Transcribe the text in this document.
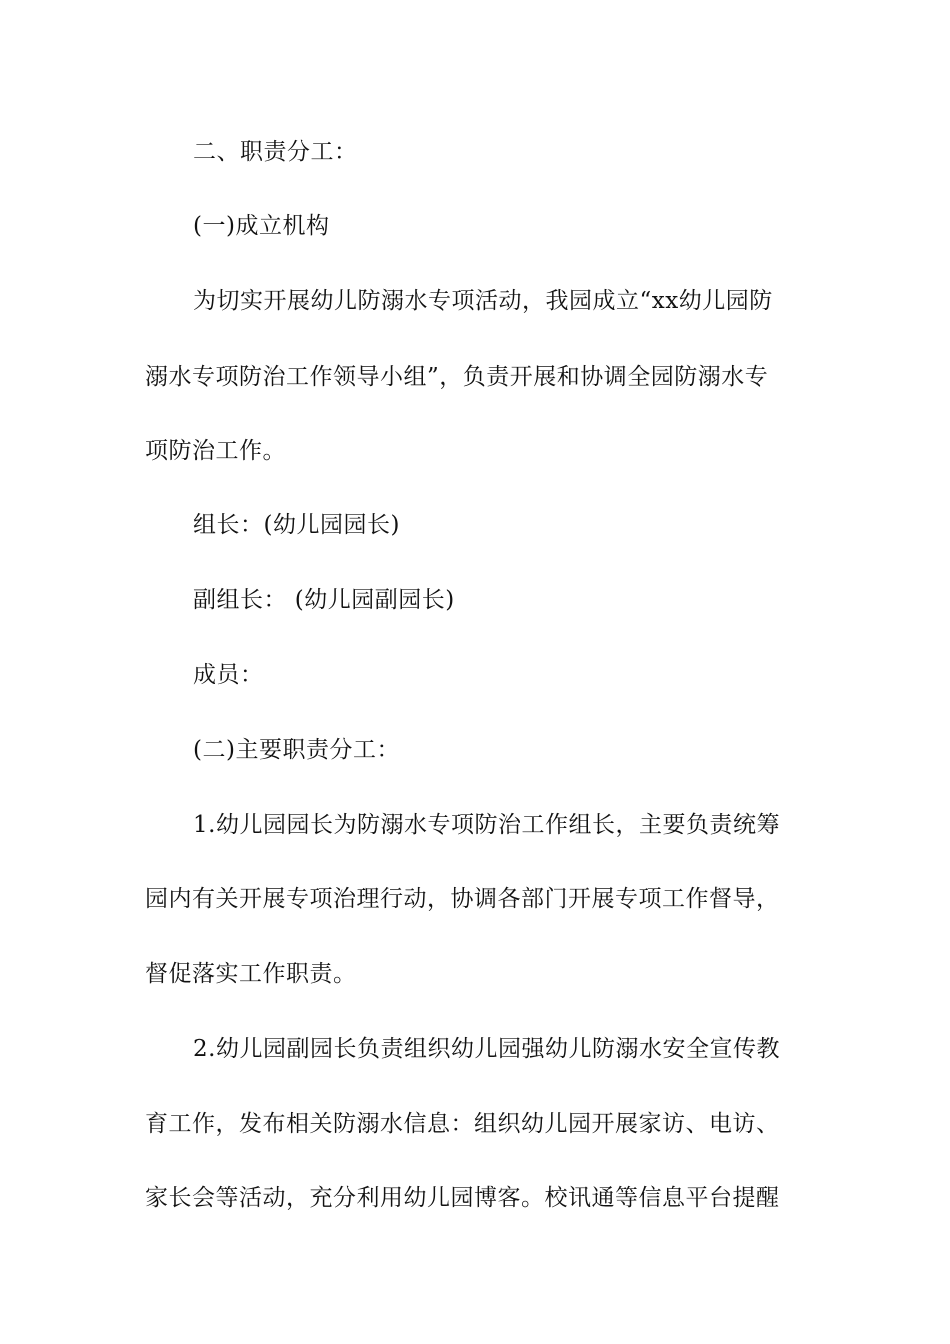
二、职责分工：
(一)成立机构
为切实开展幼儿防溺水专项活动，我园成立“xx幼儿园防
溺水专项防治工作领导小组”，负责开展和协调全园防溺水专
项防治工作。
组长：(幼儿园园长)
副组长： (幼儿园副园长)
成员：
(二)主要职责分工：
1.幼儿园园长为防溺水专项防治工作组长，主要负责统筹
园内有关开展专项治理行动，协调各部门开展专项工作督导，
督促落实工作职责。
2.幼儿园副园长负责组织幼儿园强幼儿防溺水安全宣传教
育工作，发布相关防溺水信息：组织幼儿园开展家访、电访、
家长会等活动，充分利用幼儿园博客。校讯通等信息平台提醒
